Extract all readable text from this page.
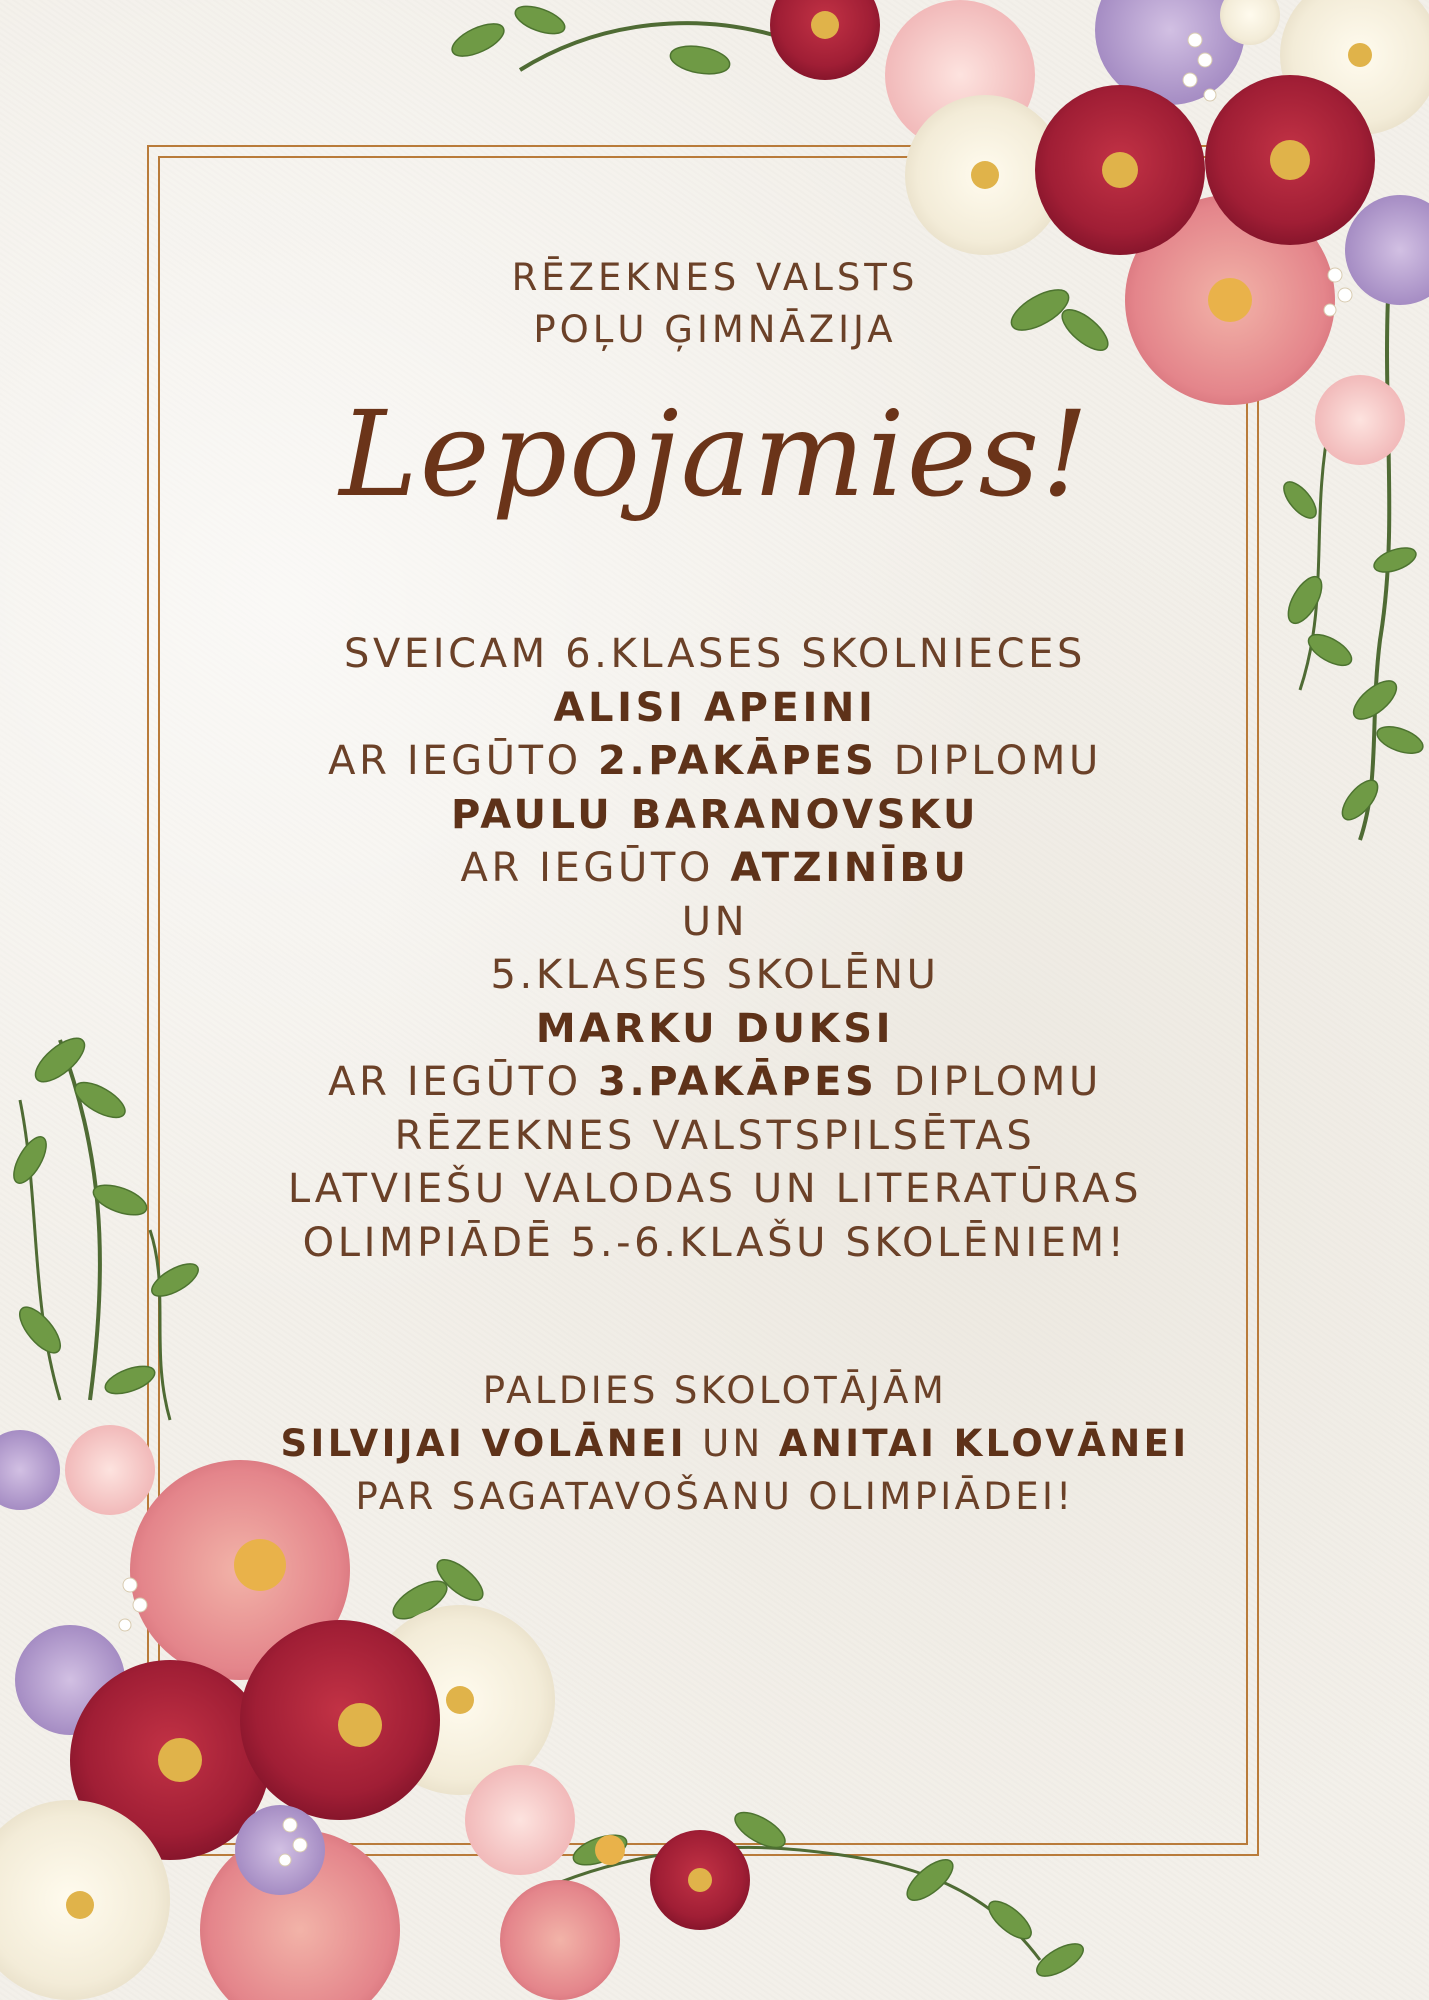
RĒZEKNES VALSTS
POĻU ĢIMNĀZIJA
Lepojamies!
SVEICAM 6.KLASES SKOLNIECES
ALISI APEINI
AR IEGŪTO 2.PAKĀPES DIPLOMU
PAULU BARANOVSKU
AR IEGŪTO ATZINĪBU
UN
5.KLASES SKOLĒNU
MARKU DUKSI
AR IEGŪTO 3.PAKĀPES DIPLOMU
RĒZEKNES VALSTSPILSĒTAS
LATVIEŠU VALODAS UN LITERATŪRAS
OLIMPIĀDĒ 5.-6.KLAŠU SKOLĒNIEM!
PALDIES SKOLOTĀJĀM
SILVIJAI VOLĀNEI UN ANITAI KLOVĀNEI
PAR SAGATAVOŠANU OLIMPIĀDEI!
